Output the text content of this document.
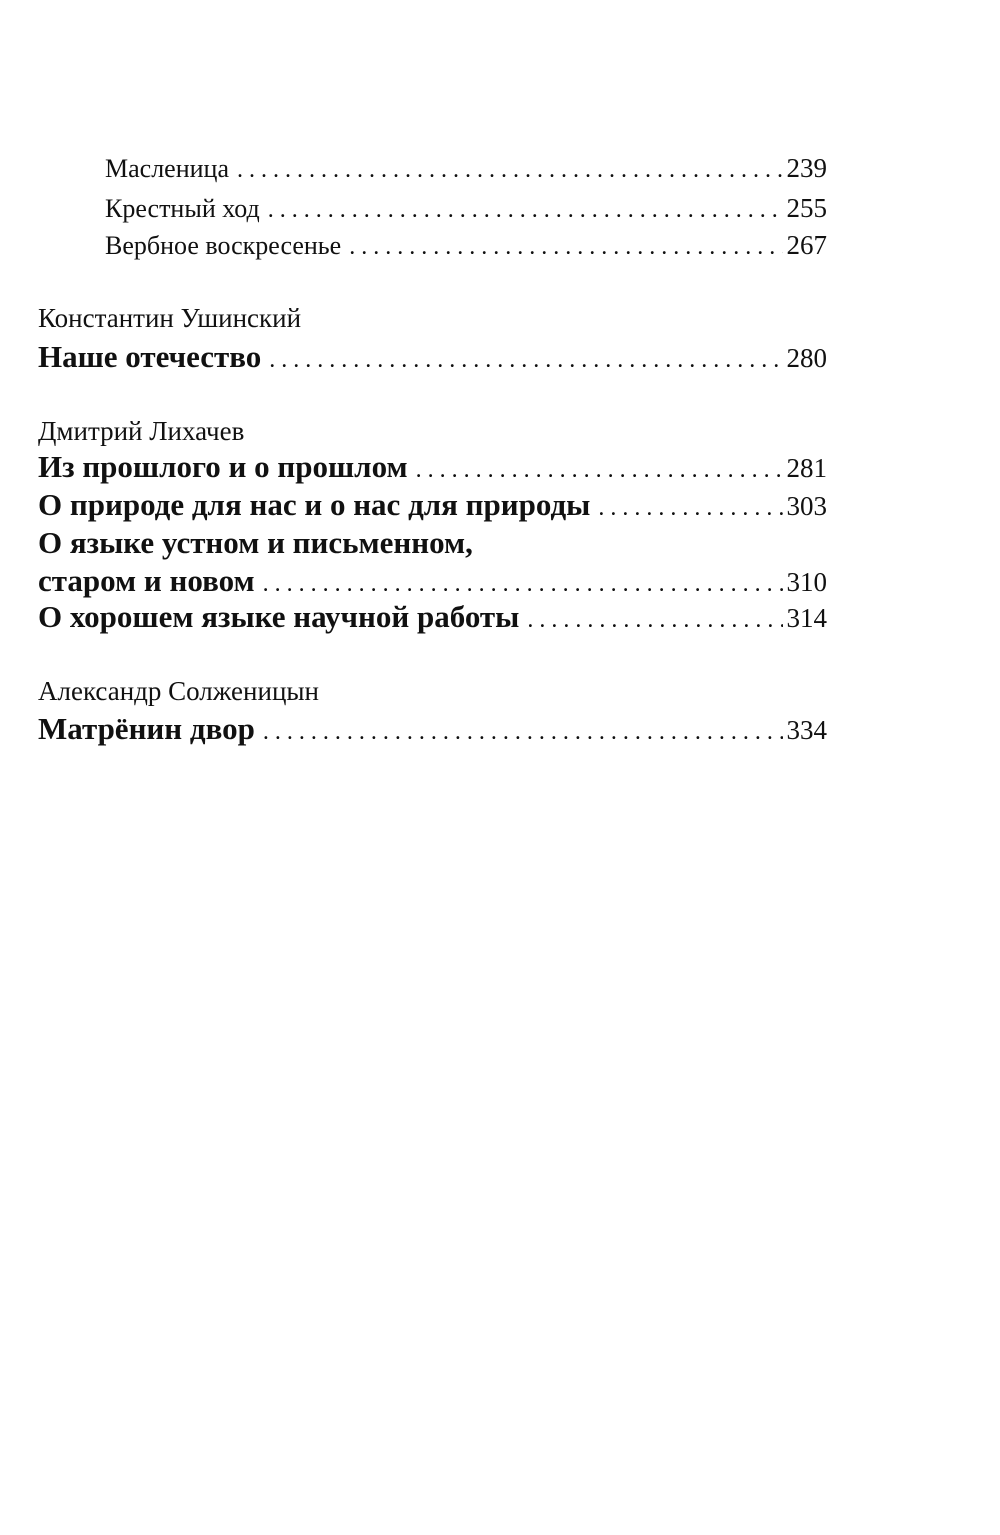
Масленица . . .	239
Крестный ход . . .	255
Вербное воскресенье . . .	267
Константин Ушинский
Наше отечество . . .	280
Дмитрий Лихачев
Из прошлого и о прошлом . . .	281
О природе для нас и о нас для природы . . .	303
О языке устном и письменном,
старом и новом . . .	310
О хорошем языке научной работы . . .	314
Александр Солженицын
Матрёнин двор . . .	334
